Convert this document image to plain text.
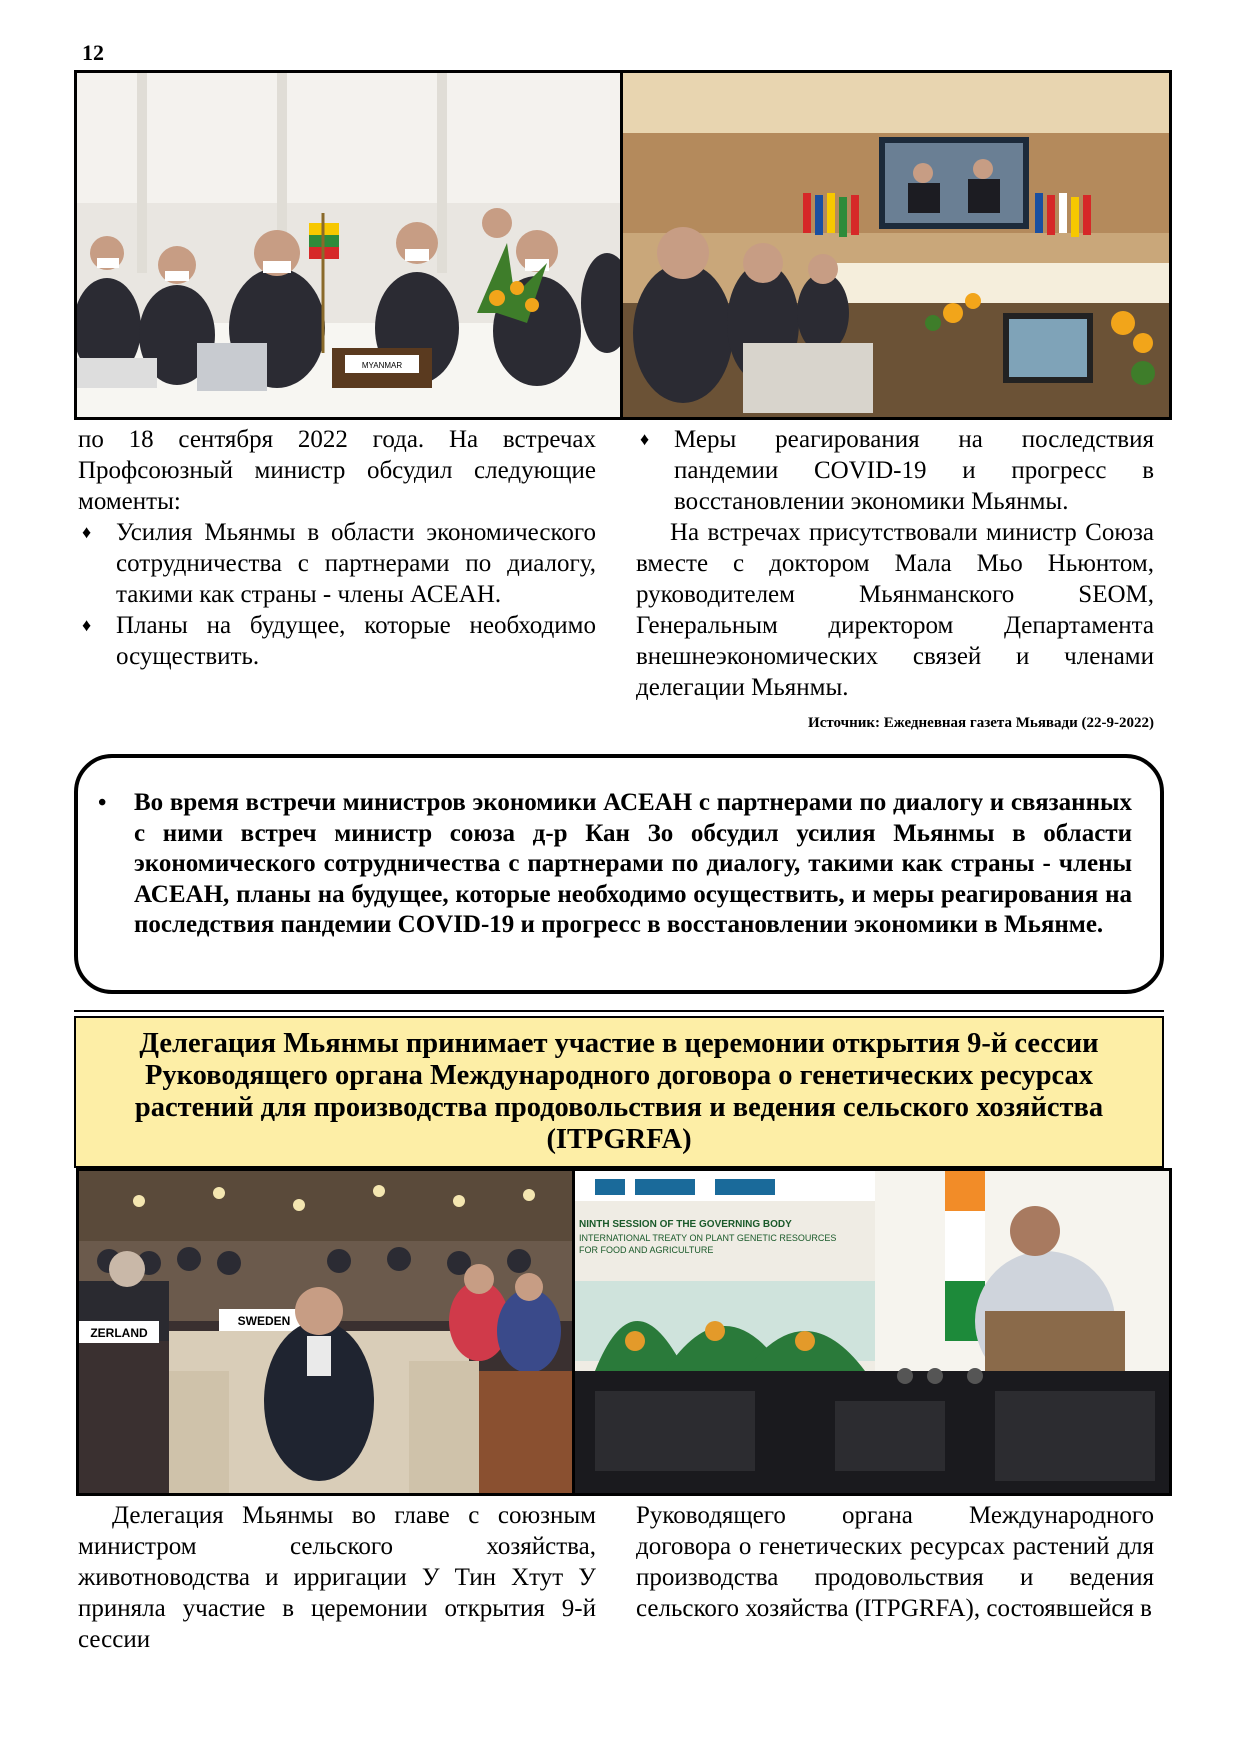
12
MYANMAR

по 18 сентября 2022 года. На встречах Профсоюзный министр обсудил следующие моменты:

♦ Усилия Мьянмы в области экономического сотрудничества с партнерами по диалогу, такими как страны - члены АСЕАН.
♦ Планы на будущее, которые необходимо осуществить.
♦ Меры реагирования на последствия пандемии COVID-19 и прогресс в восстановлении экономики Мьянмы.

На встречах присутствовали министр Союза вместе с доктором Мала Мьо Ньюнтом, руководителем Мьянманского SEOM, Генеральным директором Департамента внешнеэкономических связей и членами делегации Мьянмы.

Источник: Ежедневная газета Мьявади (22-9-2022)
• Во время встречи министров экономики АСЕАН с партнерами по диалогу и связанных с ними встреч министр союза д-р Кан Зо обсудил усилия Мьянмы в области экономического сотрудничества с партнерами по диалогу, такими как страны - члены АСЕАН, планы на будущее, которые необходимо осуществить, и меры реагирования на последствия пандемии COVID-19 и прогресс в восстановлении экономики в Мьянме.
Делегация Мьянмы принимает участие в церемонии открытия 9-й сессии
Руководящего органа Международного договора о генетических ресурсах
растений для производства продовольствия и ведения сельского хозяйства
(ITPGRFA)
ZERLAND
SWEDEN
NINTH SESSION OF THE GOVERNING BODY
INTERNATIONAL TREATY ON PLANT GENETIC RESOURCES
FOR FOOD AND AGRICULTURE

Делегация Мьянмы во главе с союзным министром сельского хозяйства, животноводства и ирригации У Тин Хтут У приняла участие в церемонии открытия 9-й сессии

Руководящего органа Международного договора о генетических ресурсах растений для производства продовольствия и ведения сельского хозяйства (ITPGRFA), состоявшейся в
